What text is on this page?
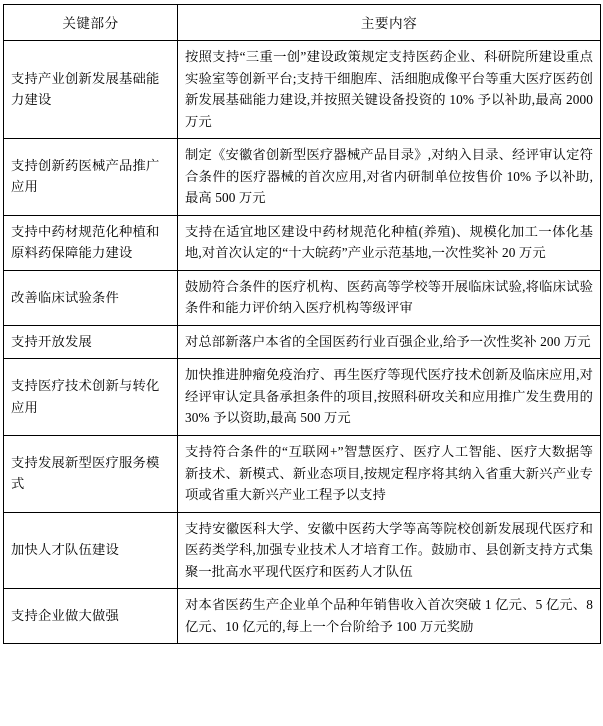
关键部分	主要内容
支持产业创新发展基础能力建设	按照支持“三重一创”建设政策规定支持医药企业、科研院所建设重点实验室等创新平台;支持干细胞库、活细胞成像平台等重大医疗医药创新发展基础能力建设,并按照关键设备投资的 10% 予以补助,最高 2000 万元
支持创新药医械产品推广应用	制定《安徽省创新型医疗器械产品目录》,对纳入目录、经评审认定符合条件的医疗器械的首次应用,对省内研制单位按售价 10% 予以补助,最高 500 万元
支持中药材规范化种植和原料药保障能力建设	支持在适宜地区建设中药材规范化种植(养殖)、规模化加工一体化基地,对首次认定的“十大皖药”产业示范基地,一次性奖补 20 万元
改善临床试验条件	鼓励符合条件的医疗机构、医药高等学校等开展临床试验,将临床试验条件和能力评价纳入医疗机构等级评审
支持开放发展	对总部新落户本省的全国医药行业百强企业,给予一次性奖补 200 万元
支持医疗技术创新与转化应用	加快推进肿瘤免疫治疗、再生医疗等现代医疗技术创新及临床应用,对经评审认定具备承担条件的项目,按照科研攻关和应用推广发生费用的 30% 予以资助,最高 500 万元
支持发展新型医疗服务模式	支持符合条件的“互联网+”智慧医疗、医疗人工智能、医疗大数据等新技术、新模式、新业态项目,按规定程序将其纳入省重大新兴产业专项或省重大新兴产业工程予以支持
加快人才队伍建设	支持安徽医科大学、安徽中医药大学等高等院校创新发展现代医疗和医药类学科,加强专业技术人才培育工作。鼓励市、县创新支持方式集聚一批高水平现代医疗和医药人才队伍
支持企业做大做强	对本省医药生产企业单个品种年销售收入首次突破 1 亿元、5 亿元、8 亿元、10 亿元的,每上一个台阶给予 100 万元奖励
